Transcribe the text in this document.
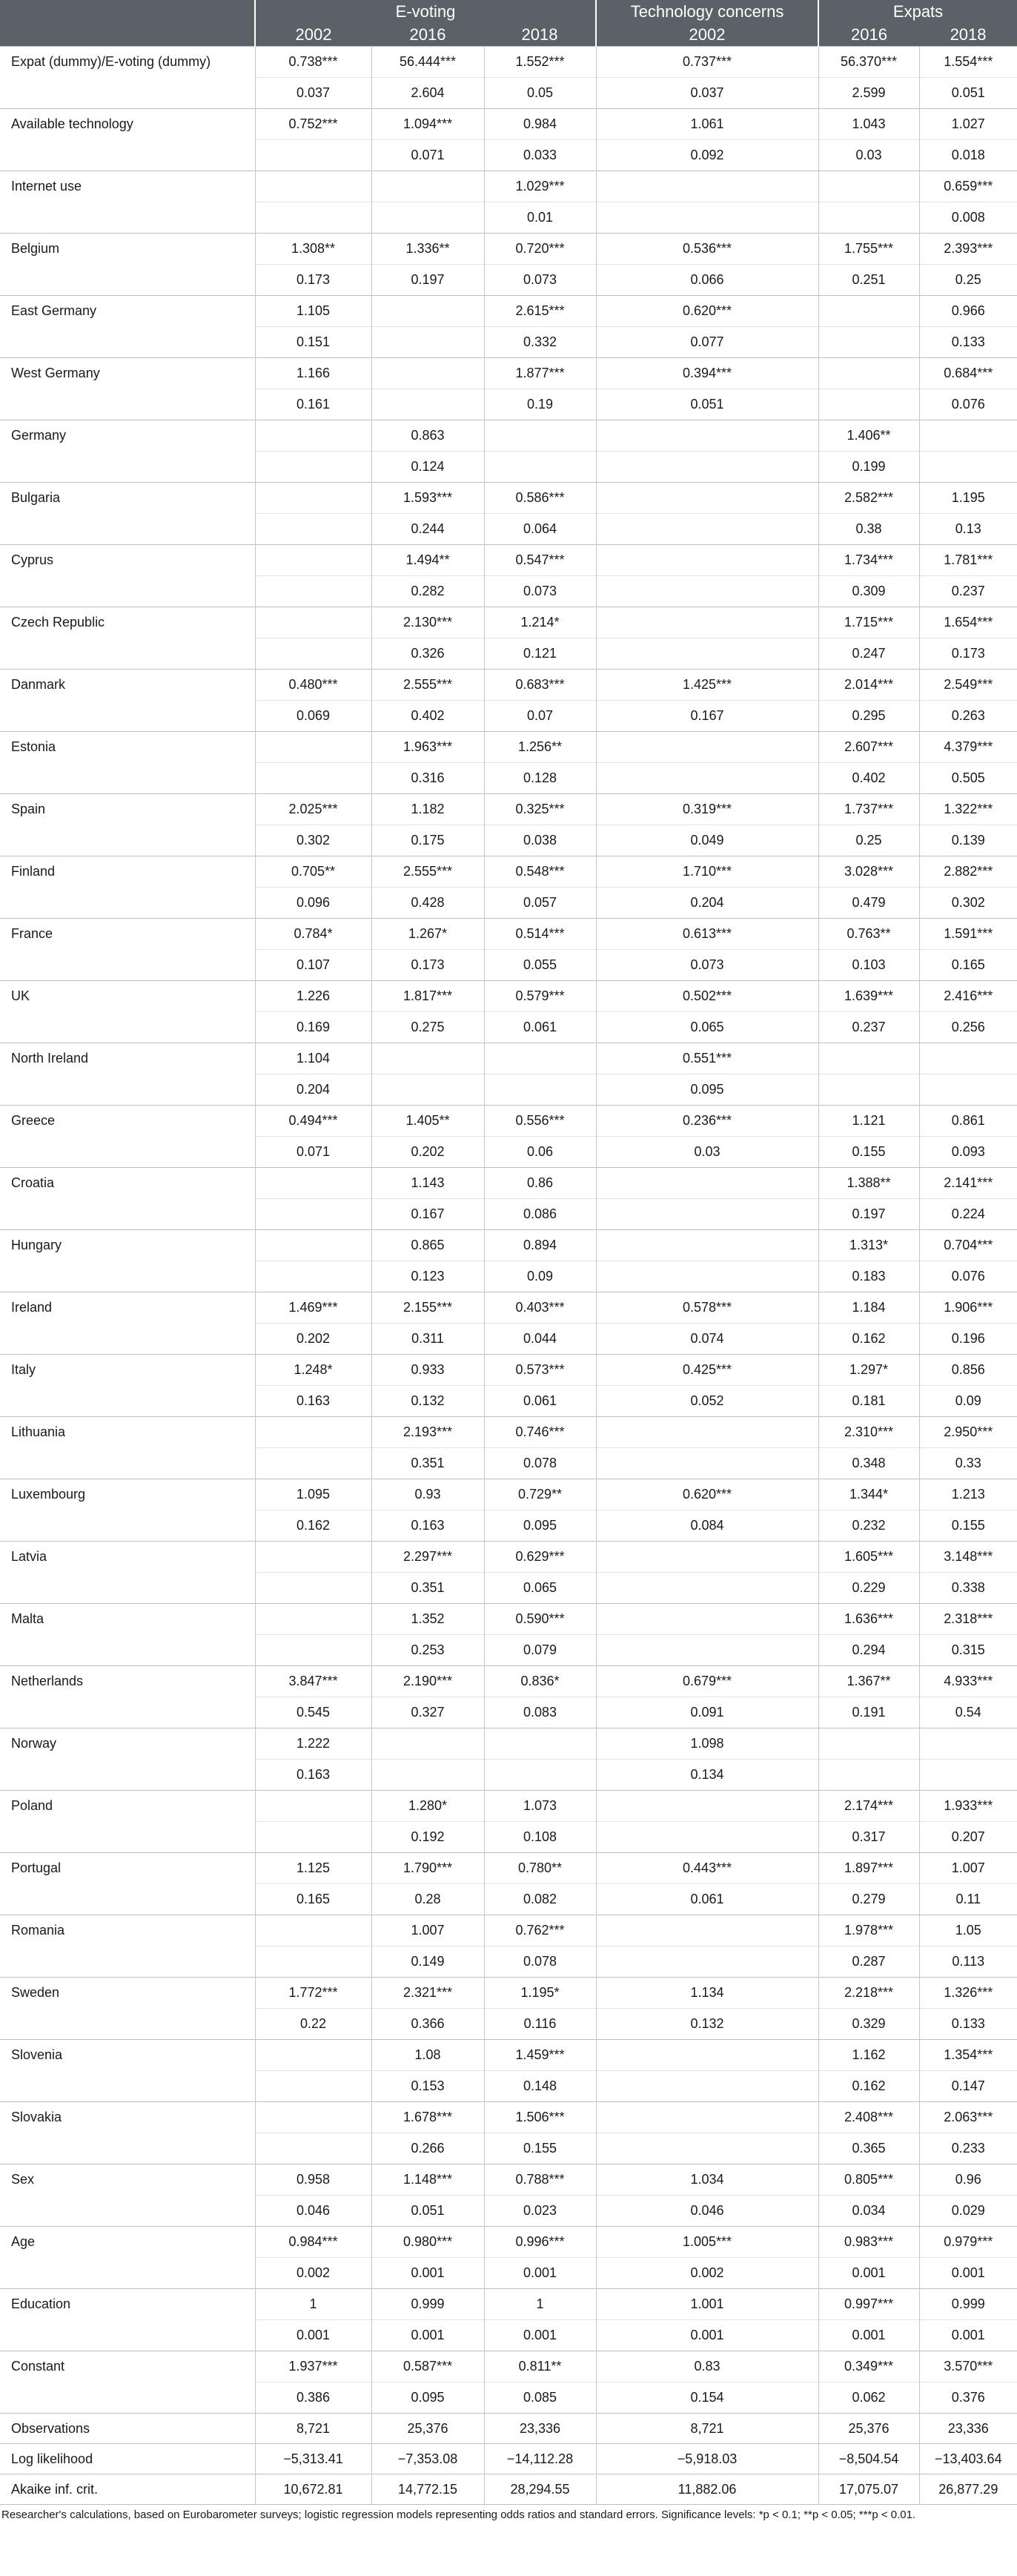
	E-voting			Technology concerns	Expats	
	2002	2016	2018	2002	2016	2018
Expat (dummy)/E-voting (dummy)	0.738***	56.444***	1.552***	0.737***	56.370***	1.554***
	0.037	2.604	0.05	0.037	2.599	0.051
Available technology	0.752***	1.094***	0.984	1.061	1.043	1.027
		0.071	0.033	0.092	0.03	0.018
Internet use			1.029***			0.659***
			0.01			0.008
Belgium	1.308**	1.336**	0.720***	0.536***	1.755***	2.393***
	0.173	0.197	0.073	0.066	0.251	0.25
East Germany	1.105		2.615***	0.620***		0.966
	0.151		0.332	0.077		0.133
West Germany	1.166		1.877***	0.394***		0.684***
	0.161		0.19	0.051		0.076
Germany		0.863			1.406**	
		0.124			0.199	
Bulgaria		1.593***	0.586***		2.582***	1.195
		0.244	0.064		0.38	0.13
Cyprus		1.494**	0.547***		1.734***	1.781***
		0.282	0.073		0.309	0.237
Czech Republic		2.130***	1.214*		1.715***	1.654***
		0.326	0.121		0.247	0.173
Danmark	0.480***	2.555***	0.683***	1.425***	2.014***	2.549***
	0.069	0.402	0.07	0.167	0.295	0.263
Estonia		1.963***	1.256**		2.607***	4.379***
		0.316	0.128		0.402	0.505
Spain	2.025***	1.182	0.325***	0.319***	1.737***	1.322***
	0.302	0.175	0.038	0.049	0.25	0.139
Finland	0.705**	2.555***	0.548***	1.710***	3.028***	2.882***
	0.096	0.428	0.057	0.204	0.479	0.302
France	0.784*	1.267*	0.514***	0.613***	0.763**	1.591***
	0.107	0.173	0.055	0.073	0.103	0.165
UK	1.226	1.817***	0.579***	0.502***	1.639***	2.416***
	0.169	0.275	0.061	0.065	0.237	0.256
North Ireland	1.104			0.551***		
	0.204			0.095		
Greece	0.494***	1.405**	0.556***	0.236***	1.121	0.861
	0.071	0.202	0.06	0.03	0.155	0.093
Croatia		1.143	0.86		1.388**	2.141***
		0.167	0.086		0.197	0.224
Hungary		0.865	0.894		1.313*	0.704***
		0.123	0.09		0.183	0.076
Ireland	1.469***	2.155***	0.403***	0.578***	1.184	1.906***
	0.202	0.311	0.044	0.074	0.162	0.196
Italy	1.248*	0.933	0.573***	0.425***	1.297*	0.856
	0.163	0.132	0.061	0.052	0.181	0.09
Lithuania		2.193***	0.746***		2.310***	2.950***
		0.351	0.078		0.348	0.33
Luxembourg	1.095	0.93	0.729**	0.620***	1.344*	1.213
	0.162	0.163	0.095	0.084	0.232	0.155
Latvia		2.297***	0.629***		1.605***	3.148***
		0.351	0.065		0.229	0.338
Malta		1.352	0.590***		1.636***	2.318***
		0.253	0.079		0.294	0.315
Netherlands	3.847***	2.190***	0.836*	0.679***	1.367**	4.933***
	0.545	0.327	0.083	0.091	0.191	0.54
Norway	1.222			1.098		
	0.163			0.134		
Poland		1.280*	1.073		2.174***	1.933***
		0.192	0.108		0.317	0.207
Portugal	1.125	1.790***	0.780**	0.443***	1.897***	1.007
	0.165	0.28	0.082	0.061	0.279	0.11
Romania		1.007	0.762***		1.978***	1.05
		0.149	0.078		0.287	0.113
Sweden	1.772***	2.321***	1.195*	1.134	2.218***	1.326***
	0.22	0.366	0.116	0.132	0.329	0.133
Slovenia		1.08	1.459***		1.162	1.354***
		0.153	0.148		0.162	0.147
Slovakia		1.678***	1.506***		2.408***	2.063***
		0.266	0.155		0.365	0.233
Sex	0.958	1.148***	0.788***	1.034	0.805***	0.96
	0.046	0.051	0.023	0.046	0.034	0.029
Age	0.984***	0.980***	0.996***	1.005***	0.983***	0.979***
	0.002	0.001	0.001	0.002	0.001	0.001
Education	1	0.999	1	1.001	0.997***	0.999
	0.001	0.001	0.001	0.001	0.001	0.001
Constant	1.937***	0.587***	0.811**	0.83	0.349***	3.570***
	0.386	0.095	0.085	0.154	0.062	0.376
Observations	8,721	25,376	23,336	8,721	25,376	23,336
Log likelihood	−5,313.41	−7,353.08	−14,112.28	−5,918.03	−8,504.54	−13,403.64
Akaike inf. crit.	10,672.81	14,772.15	28,294.55	11,882.06	17,075.07	26,877.29
Researcher's calculations, based on Eurobarometer surveys; logistic regression models representing odds ratios and standard errors. Significance levels: *p < 0.1; **p < 0.05; ***p < 0.01.
